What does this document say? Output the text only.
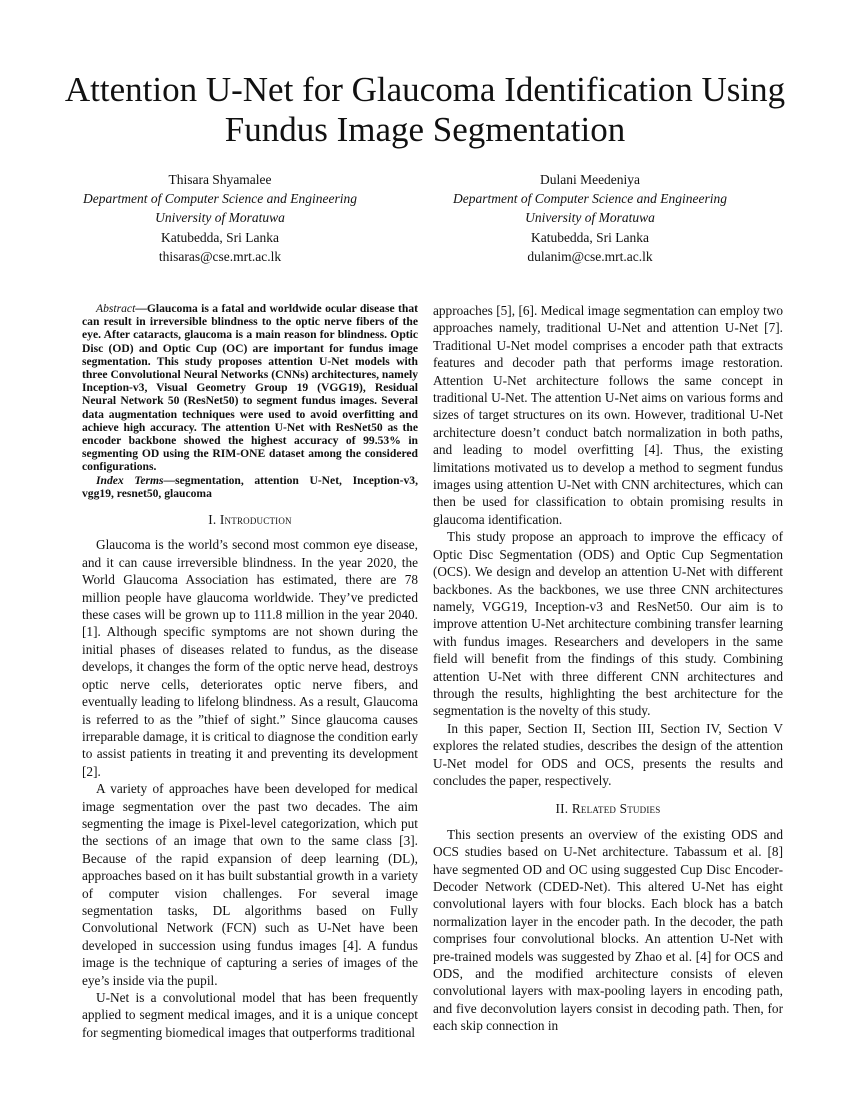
Attention U-Net for Glaucoma Identification Using
Fundus Image Segmentation
Thisara Shyamalee
Department of Computer Science and Engineering
University of Moratuwa
Katubedda, Sri Lanka
thisaras@cse.mrt.ac.lk
Dulani Meedeniya
Department of Computer Science and Engineering
University of Moratuwa
Katubedda, Sri Lanka
dulanim@cse.mrt.ac.lk

Abstract—Glaucoma is a fatal and worldwide ocular disease that can result in irreversible blindness to the optic nerve fibers of the eye. After cataracts, glaucoma is a main reason for blindness. Optic Disc (OD) and Optic Cup (OC) are important for fundus image segmentation. This study proposes attention U-Net models with three Convolutional Neural Networks (CNNs) architectures, namely Inception-v3, Visual Geometry Group 19 (VGG19), Residual Neural Network 50 (ResNet50) to segment fundus images. Several data augmentation techniques were used to avoid overfitting and achieve high accuracy. The attention U-Net with ResNet50 as the encoder backbone showed the highest accuracy of 99.53% in segmenting OD using the RIM-ONE dataset among the considered configurations.

Index Terms—segmentation, attention U-Net, Inception-v3, vgg19, resnet50, glaucoma

I. Introduction

Glaucoma is the world’s second most common eye disease, and it can cause irreversible blindness. In the year 2020, the World Glaucoma Association has estimated, there are 78 million people have glaucoma worldwide. They’ve predicted these cases will be grown up to 111.8 million in the year 2040. [1]. Although specific symptoms are not shown during the initial phases of diseases related to fundus, as the disease develops, it changes the form of the optic nerve head, destroys optic nerve cells, deteriorates optic nerve fibers, and eventually leading to lifelong blindness. As a result, Glaucoma is referred to as the ”thief of sight.” Since glaucoma causes irreparable damage, it is critical to diagnose the condition early to assist patients in treating it and preventing its development [2].

A variety of approaches have been developed for medical image segmentation over the past two decades. The aim segmenting the image is Pixel-level categorization, which put the sections of an image that own to the same class [3]. Because of the rapid expansion of deep learning (DL), approaches based on it has built substantial growth in a variety of computer vision challenges. For several image segmentation tasks, DL algorithms based on Fully Convolutional Network (FCN) such as U-Net have been developed in succession using fundus images [4]. A fundus image is the technique of capturing a series of images of the eye’s inside via the pupil.

U-Net is a convolutional model that has been frequently applied to segment medical images, and it is a unique concept for segmenting biomedical images that outperforms traditional

approaches [5], [6]. Medical image segmentation can employ two approaches namely, traditional U-Net and attention U-Net [7]. Traditional U-Net model comprises a encoder path that extracts features and decoder path that performs image restoration. Attention U-Net architecture follows the same concept in traditional U-Net. The attention U-Net aims on various forms and sizes of target structures on its own. However, traditional U-Net architecture doesn’t conduct batch normalization in both paths, and leading to model overfitting [4]. Thus, the existing limitations motivated us to develop a method to segment fundus images using attention U-Net with CNN architectures, which can then be used for classification to obtain promising results in glaucoma identification.

This study propose an approach to improve the efficacy of Optic Disc Segmentation (ODS) and Optic Cup Segmentation (OCS). We design and develop an attention U-Net with different backbones. As the backbones, we use three CNN architectures namely, VGG19, Inception-v3 and ResNet50. Our aim is to improve attention U-Net architecture combining transfer learning with fundus images. Researchers and developers in the same field will benefit from the findings of this study. Combining attention U-Net with three different CNN architectures and through the results, highlighting the best architecture for the segmentation is the novelty of this study.

In this paper, Section II, Section III, Section IV, Section V explores the related studies, describes the design of the attention U-Net model for ODS and OCS, presents the results and concludes the paper, respectively.

II. Related Studies

This section presents an overview of the existing ODS and OCS studies based on U-Net architecture. Tabassum et al. [8] have segmented OD and OC using suggested Cup Disc Encoder-Decoder Network (CDED-Net). This altered U-Net has eight convolutional layers with four blocks. Each block has a batch normalization layer in the encoder path. In the decoder, the path comprises four convolutional blocks. An attention U-Net with pre-trained models was suggested by Zhao et al. [4] for OCS and ODS, and the modified architecture consists of eleven convolutional layers with max-pooling layers in encoding path, and five deconvolution layers consist in decoding path. Then, for each skip connection in
